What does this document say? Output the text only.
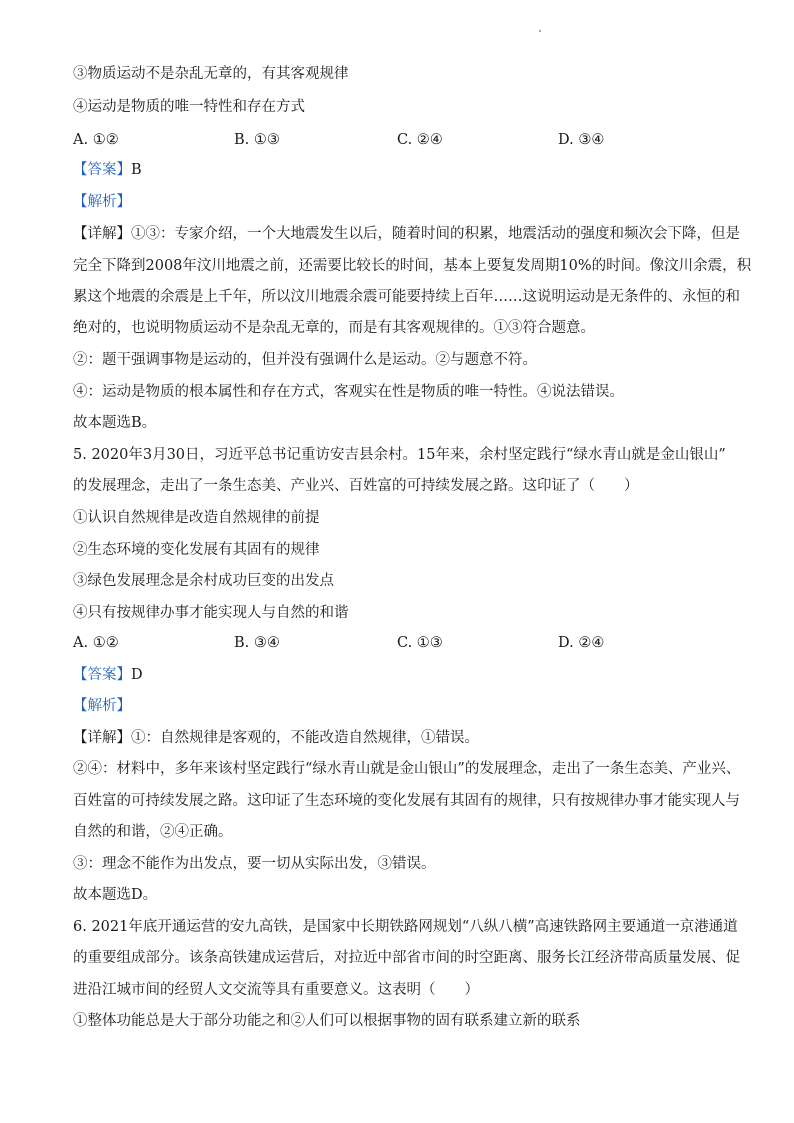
③物质运动不是杂乱无章的，有其客观规律
④运动是物质的唯一特性和存在方式
A. ①②	B. ①③	C. ②④	D. ③④
【答案】B
【解析】
【详解】①③：专家介绍，一个大地震发生以后，随着时间的积累，地震活动的强度和频次会下降，但是
完全下降到2008年汶川地震之前，还需要比较长的时间，基本上要复发周期10%的时间。像汶川余震，积
累这个地震的余震是上千年，所以汶川地震余震可能要持续上百年……这说明运动是无条件的、永恒的和
绝对的，也说明物质运动不是杂乱无章的，而是有其客观规律的。①③符合题意。
②：题干强调事物是运动的，但并没有强调什么是运动。②与题意不符。
④：运动是物质的根本属性和存在方式，客观实在性是物质的唯一特性。④说法错误。
故本题选B。
5. 2020年3月30日，习近平总书记重访安吉县余村。15年来，余村坚定践行“绿水青山就是金山银山”
的发展理念，走出了一条生态美、产业兴、百姓富的可持续发展之路。这印证了（　　）
①认识自然规律是改造自然规律的前提
②生态环境的变化发展有其固有的规律
③绿色发展理念是余村成功巨变的出发点
④只有按规律办事才能实现人与自然的和谐
A. ①②	B. ③④	C. ①③	D. ②④
【答案】D
【解析】
【详解】①：自然规律是客观的，不能改造自然规律，①错误。
②④：材料中，多年来该村坚定践行“绿水青山就是金山银山”的发展理念，走出了一条生态美、产业兴、
百姓富的可持续发展之路。这印证了生态环境的变化发展有其固有的规律，只有按规律办事才能实现人与
自然的和谐，②④正确。
③：理念不能作为出发点，要一切从实际出发，③错误。
故本题选D。
6. 2021年底开通运营的安九高铁，是国家中长期铁路网规划“八纵八横”高速铁路网主要通道一京港通道
的重要组成部分。该条高铁建成运营后，对拉近中部省市间的时空距离、服务长江经济带高质量发展、促
进沿江城市间的经贸人文交流等具有重要意义。这表明（　　）
①整体功能总是大于部分功能之和②人们可以根据事物的固有联系建立新的联系
